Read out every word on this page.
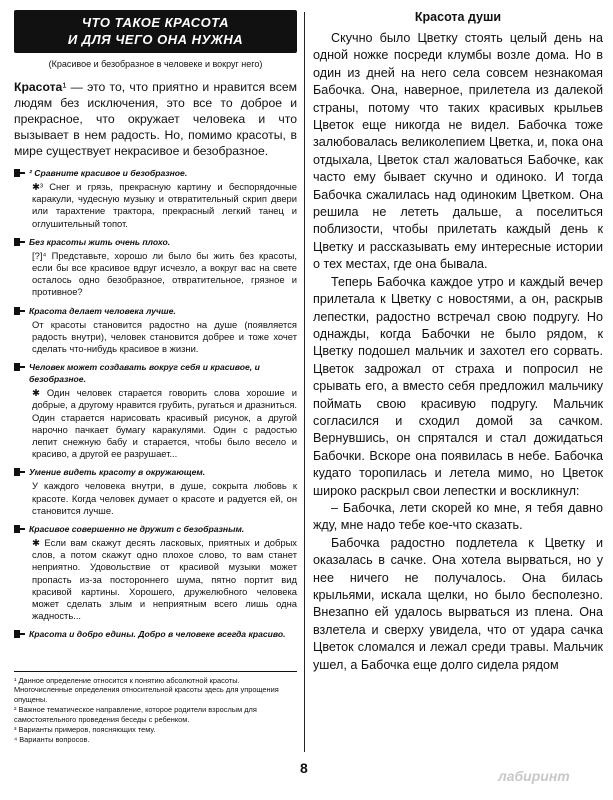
ЧТО ТАКОЕ КРАСОТА
И ДЛЯ ЧЕГО ОНА НУЖНА
(Красивое и безобразное в человеке и вокруг него)

Красота¹ — это то, что приятно и нравится всем людям без исключения, это все то доброе и прекрасное, что окружает человека и что вызывает в нем радость. Но, помимо красоты, в мире существует некрасивое и безобразное.

² Сравните красивое и безобразное.
✱³ Снег и грязь, прекрасную картину и беспорядочные каракули, чудесную музыку и отвратительный скрип двери или тарахтение трактора, прекрасный легкий танец и оглушительный топот.
Без красоты жить очень плохо.
[?]⁴ Представьте, хорошо ли было бы жить без красоты, если бы все красивое вдруг исчезло, а вокруг вас на свете осталось одно безобразное, отвратительное, грязное и противное?
Красота делает человека лучше.
От красоты становится радостно на душе (появляется радость внутри), человек становится добрее и тоже хочет сделать что-нибудь красивое в жизни.
Человек может создавать вокруг себя и красивое, и безобразное.
✱ Один человек старается говорить слова хорошие и добрые, а другому нравится грубить, ругаться и дразниться. Один старается нарисовать красивый рисунок, а другой нарочно пачкает бумагу каракулями. Один с радостью лепит снежную бабу и старается, чтобы было весело и красиво, а другой ее разрушает...
Умение видеть красоту в окружающем.
У каждого человека внутри, в душе, сокрыта любовь к красоте. Когда человек думает о красоте и радуется ей, он становится лучше.
Красивое совершенно не дружит с безобразным.
✱ Если вам скажут десять ласковых, приятных и добрых слов, а потом скажут одно плохое слово, то вам станет неприятно. Удовольствие от красивой музыки может пропасть из-за постороннего шума, пятно портит вид красивой картины. Хорошего, дружелюбного человека может сделать злым и неприятным всего лишь одна жадность...
Красота и добро едины. Добро в человеке всегда красиво.

¹ Данное определение относится к понятию абсолютной красоты. Многочисленные определения относительной красоты здесь для упрощения опущены.

² Важное тематическое направление, которое родители взрослым для самостоятельного проведения беседы с ребенком.

³ Варианты примеров, поясняющих тему.

⁴ Варианты вопросов.

Красота души

Скучно было Цветку стоять целый день на одной ножке посреди клумбы возле дома. Но в один из дней на него села совсем незнакомая Бабочка. Она, наверное, прилетела из далекой страны, потому что таких красивых крыльев Цветок еще никогда не видел. Бабочка тоже залюбовалась великолепием Цветка, и, пока она отдыхала, Цветок стал жаловаться Бабочке, как часто ему бывает скучно и одиноко. И тогда Бабочка сжалилась над одиноким Цветком. Она решила не лететь дальше, а поселиться поблизости, чтобы прилетать каждый день к Цветку и рассказывать ему интересные истории о тех местах, где она бывала.

Теперь Бабочка каждое утро и каждый вечер прилетала к Цветку с новостями, а он, раскрыв лепестки, радостно встречал свою подругу. Но однажды, когда Бабочки не было рядом, к Цветку подошел мальчик и захотел его сорвать. Цветок задрожал от страха и попросил не срывать его, а вместо себя предложил мальчику поймать свою красивую подругу. Мальчик согласился и сходил домой за сачком. Вернувшись, он спрятался и стал дожидаться Бабочки. Вскоре она появилась в небе. Бабочка кудато торопилась и летела мимо, но Цветок широко раскрыл свои лепестки и воскликнул:

– Бабочка, лети скорей ко мне, я тебя давно жду, мне надо тебе кое-что сказать.

Бабочка радостно подлетела к Цветку и оказалась в сачке. Она хотела вырваться, но у нее ничего не получалось. Она билась крыльями, искала щелки, но было бесполезно. Внезапно ей удалось вырваться из плена. Она взлетела и сверху увидела, что от удара сачка Цветок сломался и лежал среди травы. Мальчик ушел, а Бабочка еще долго сидела рядом

8	лабиринт
